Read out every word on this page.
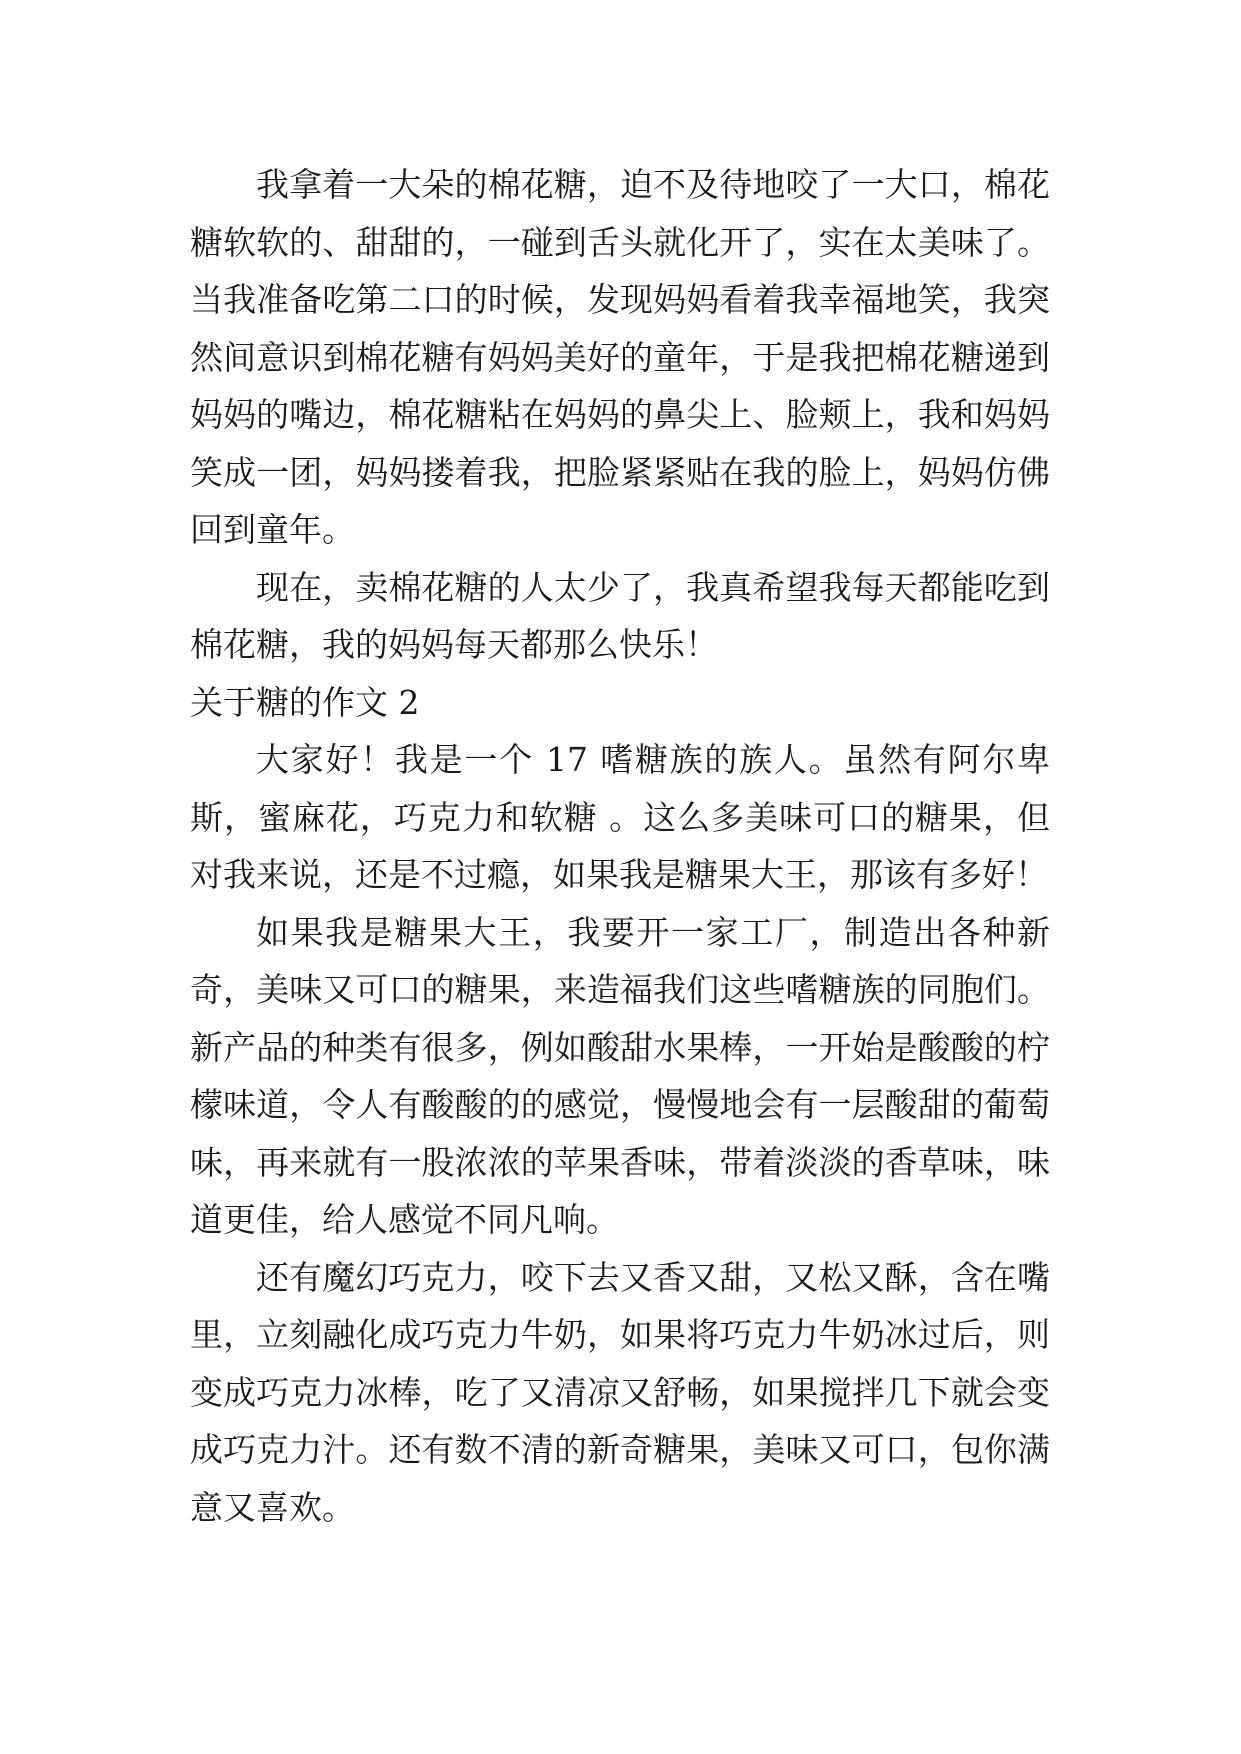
我拿着一大朵的棉花糖，迫不及待地咬了一大口，棉花糖软软的、甜甜的，一碰到舌头就化开了，实在太美味了。当我准备吃第二口的时候，发现妈妈看着我幸福地笑，我突然间意识到棉花糖有妈妈美好的童年，于是我把棉花糖递到妈妈的嘴边，棉花糖粘在妈妈的鼻尖上、脸颊上，我和妈妈笑成一团，妈妈搂着我，把脸紧紧贴在我的脸上，妈妈仿佛回到童年。

现在，卖棉花糖的人太少了，我真希望我每天都能吃到棉花糖，我的妈妈每天都那么快乐！

关于糖的作文 2

大家好！我是一个 17 嗜糖族的族人。虽然有阿尔卑斯，蜜麻花，巧克力和软糖 。这么多美味可口的糖果，但对我来说，还是不过瘾，如果我是糖果大王，那该有多好！

如果我是糖果大王，我要开一家工厂，制造出各种新奇，美味又可口的糖果，来造福我们这些嗜糖族的同胞们。新产品的种类有很多，例如酸甜水果棒，一开始是酸酸的柠檬味道，令人有酸酸的的感觉，慢慢地会有一层酸甜的葡萄味，再来就有一股浓浓的苹果香味，带着淡淡的香草味，味道更佳，给人感觉不同凡响。

还有魔幻巧克力，咬下去又香又甜，又松又酥，含在嘴里，立刻融化成巧克力牛奶，如果将巧克力牛奶冰过后，则变成巧克力冰棒，吃了又清凉又舒畅，如果搅拌几下就会变成巧克力汁。还有数不清的新奇糖果，美味又可口，包你满意又喜欢。
